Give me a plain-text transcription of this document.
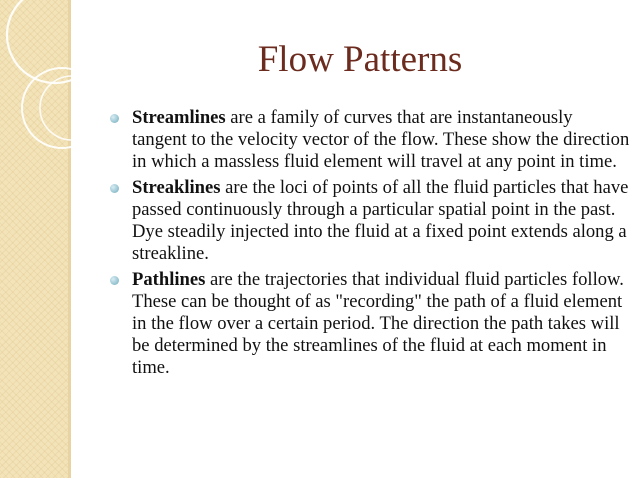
Flow Patterns
Streamlines are a family of curves that are instantaneously tangent to the velocity vector of the flow. These show the direction in which a massless fluid element will travel at any point in time.
Streaklines are the loci of points of all the fluid particles that have passed continuously through a particular spatial point in the past. Dye steadily injected into the fluid at a fixed point extends along a streakline.
Pathlines are the trajectories that individual fluid particles follow. These can be thought of as "recording" the path of a fluid element in the flow over a certain period. The direction the path takes will be determined by the streamlines of the fluid at each moment in time.
